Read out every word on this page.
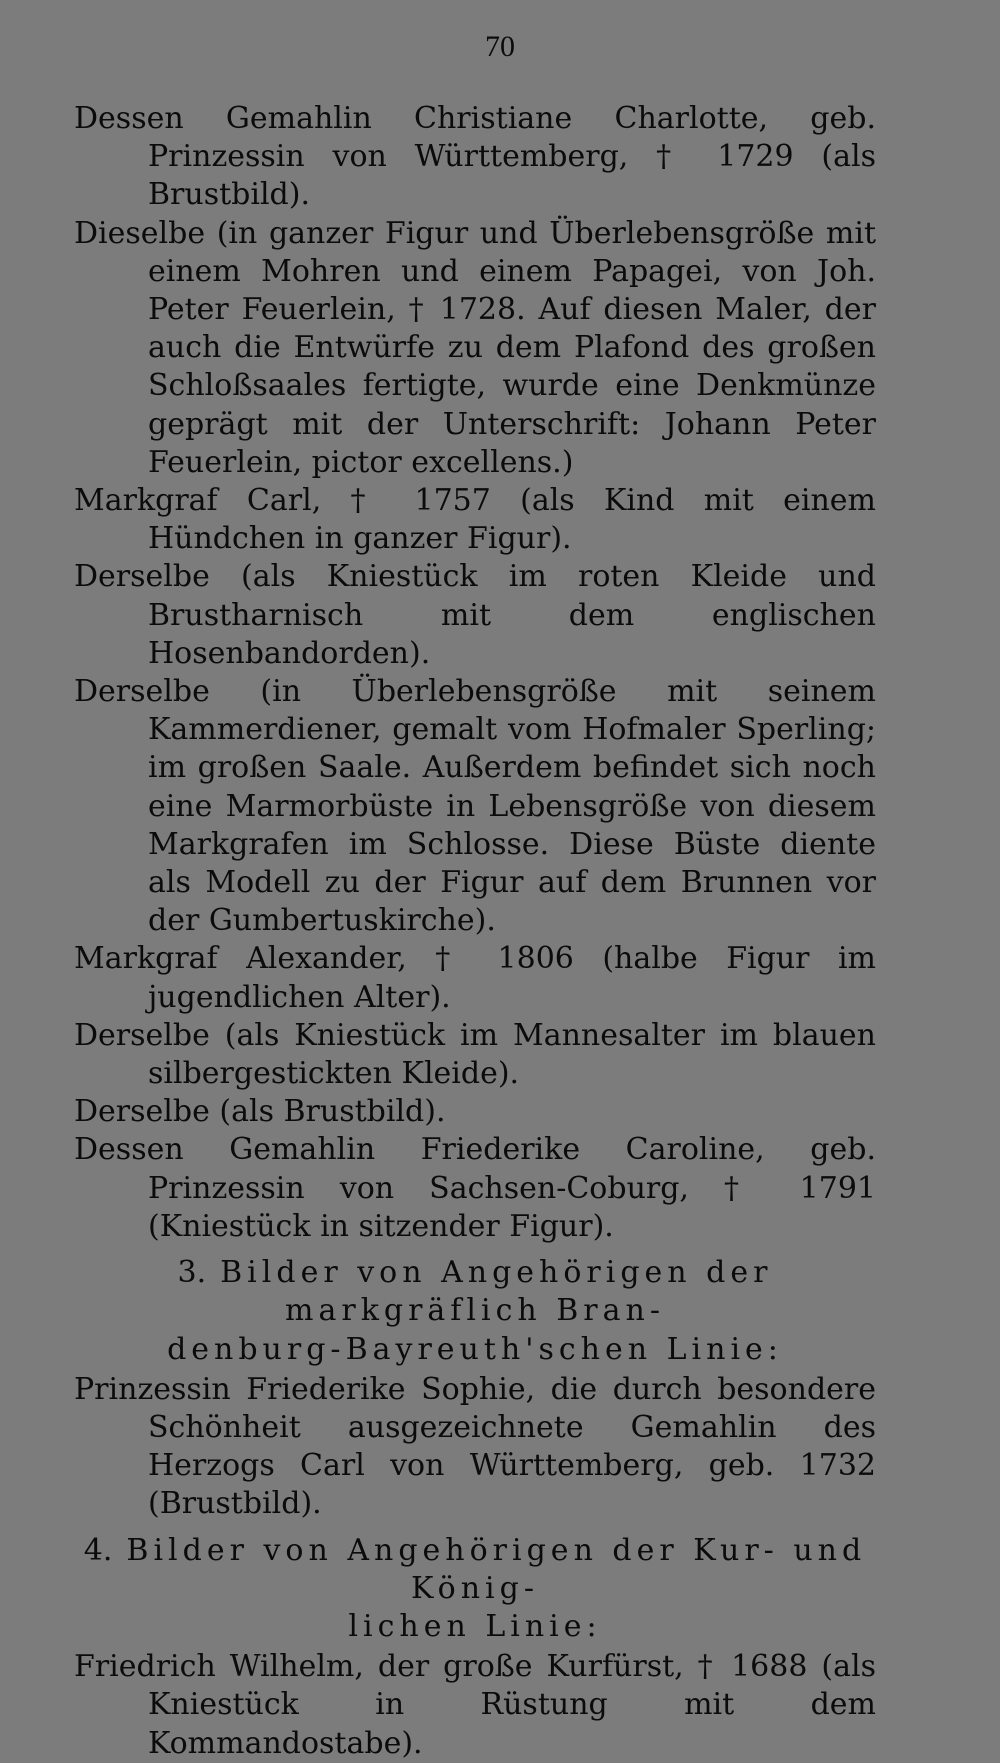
70

Dessen Gemahlin Christiane Charlotte, geb. Prinzessin von Württemberg, † 1729 (als Brustbild).

Dieselbe (in ganzer Figur und Überlebensgröße mit einem Mohren und einem Papagei, von Joh. Peter Feuerlein, † 1728. Auf diesen Maler, der auch die Entwürfe zu dem Plafond des großen Schloßsaales fertigte, wurde eine Denkmünze geprägt mit der Unterschrift: Johann Peter Feuerlein, pictor excellens.)

Markgraf Carl, † 1757 (als Kind mit einem Hündchen in ganzer Figur).

Derselbe (als Kniestück im roten Kleide und Brustharnisch mit dem englischen Hosenbandorden).

Derselbe (in Überlebensgröße mit seinem Kammerdiener, gemalt vom Hofmaler Sperling; im großen Saale. Außerdem befindet sich noch eine Marmorbüste in Lebensgröße von diesem Markgrafen im Schlosse. Diese Büste diente als Modell zu der Figur auf dem Brunnen vor der Gumbertuskirche).

Markgraf Alexander, † 1806 (halbe Figur im jugendlichen Alter).

Derselbe (als Kniestück im Mannesalter im blauen silbergestickten Kleide).

Derselbe (als Brustbild).

Dessen Gemahlin Friederike Caroline, geb. Prinzessin von Sachsen-Coburg, † 1791 (Kniestück in sitzender Figur).

3. Bilder von Angehörigen der markgräflich Bran-
denburg-Bayreuth'schen Linie:

Prinzessin Friederike Sophie, die durch besondere Schönheit ausgezeichnete Gemahlin des Herzogs Carl von Württemberg, geb. 1732 (Brustbild).

4. Bilder von Angehörigen der Kur- und König-
lichen Linie:

Friedrich Wilhelm, der große Kurfürst, † 1688 (als Kniestück in Rüstung mit dem Kommandostabe).
